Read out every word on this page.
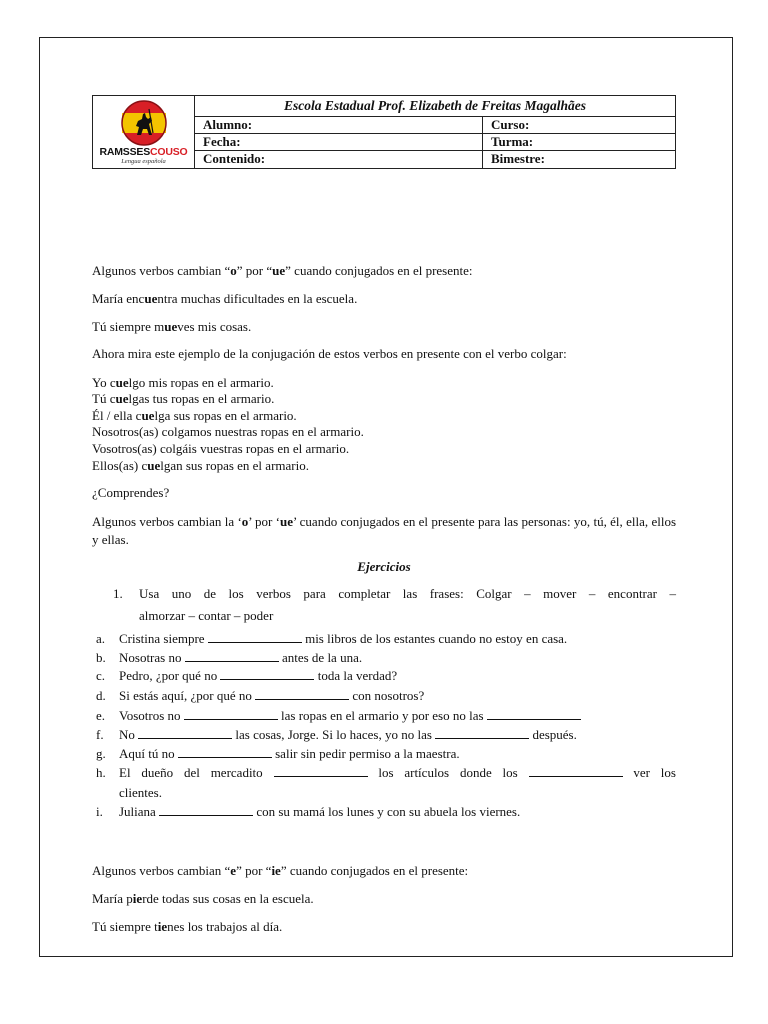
RAMSSESCOUSO
Lengua española
Escola Estadual Prof. Elizabeth de Freitas Magalhães
Alumno:	Curso:
Fecha:	Turma:
Contenido:	Bimestre:
Algunos verbos cambian “o” por “ue” cuando conjugados en el presente:
María encuentra muchas dificultades en la escuela.
Tú siempre mueves mis cosas.
Ahora mira este ejemplo de la conjugación de estos verbos en presente con el verbo colgar:
Yo cuelgo mis ropas en el armario.
Tú cuelgas tus ropas en el armario.
Él / ella cuelga sus ropas en el armario.
Nosotros(as) colgamos nuestras ropas en el armario.
Vosotros(as) colgáis vuestras ropas en el armario.
Ellos(as) cuelgan sus ropas en el armario.
¿Comprendes?
Algunos verbos cambian la ‘o’ por ‘ue’ cuando conjugados en el presente para las personas: yo, tú, él, ella, ellos y ellas.
Ejercicios
1. Usa uno de los verbos para completar las frases: Colgar – mover – encontrar –
almorzar – contar – poder
a. Cristina siempre	mis libros de los estantes cuando no estoy en casa.
b. Nosotras no	antes de la una.
c. Pedro, ¿por qué no	toda la verdad?
d. Si estás aquí, ¿por qué no	con nosotros?
e. Vosotros no	las ropas en el armario y por eso no las
f. No	las cosas, Jorge. Si lo haces, yo no las	después.
g. Aquí tú no	salir sin pedir permiso a la maestra.
h. El dueño del mercadito	los artículos donde los	ver los
clientes.
i. Juliana	con su mamá los lunes y con su abuela los viernes.
Algunos verbos cambian “e” por “ie” cuando conjugados en el presente:
María pierde todas sus cosas en la escuela.
Tú siempre tienes los trabajos al día.
